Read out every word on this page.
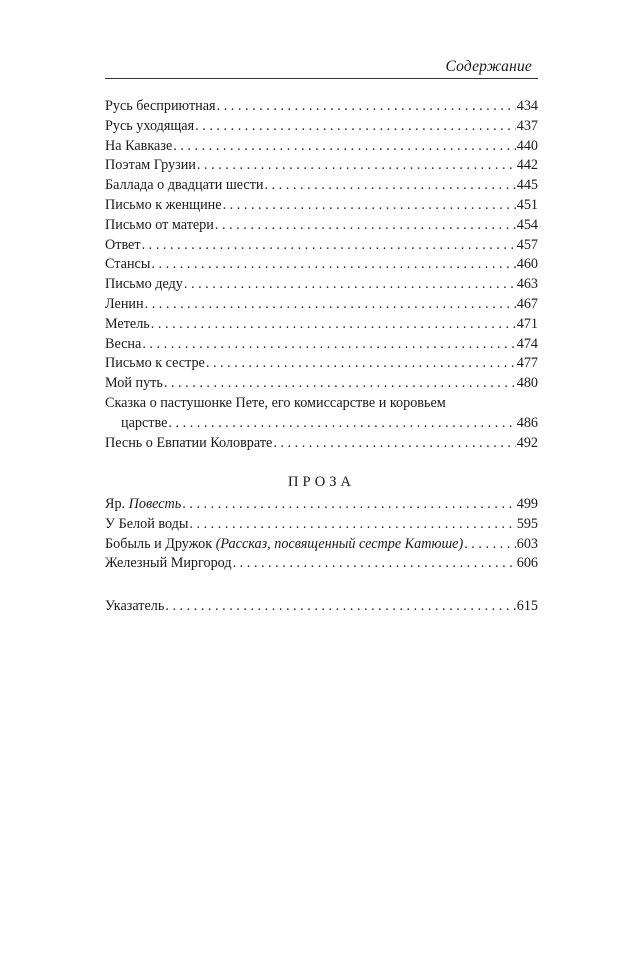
Содержание
Русь бесприютная . . .	434
Русь уходящая . . .	437
На Кавказе . . .	440
Поэтам Грузии . . .	442
Баллада о двадцати шести . . .	445
Письмо к женщине . . .	451
Письмо от матери . . .	454
Ответ . . .	457
Стансы . . .	460
Письмо деду . . .	463
Ленин . . .	467
Метель . . .	471
Весна . . .	474
Письмо к сестре . . .	477
Мой путь . . .	480
Сказка о пастушонке Пете, его комиссарстве и коровьем
царстве . . .	486
Песнь о Евпатии Коловрате . . .	492
ПРОЗА
Яр. Повесть . . .	499
У Белой воды . . .	595
Бобыль и Дружок (Рассказ, посвященный сестре Катюше) . . .	603
Железный Миргород . . .	606
Указатель . . .	615
